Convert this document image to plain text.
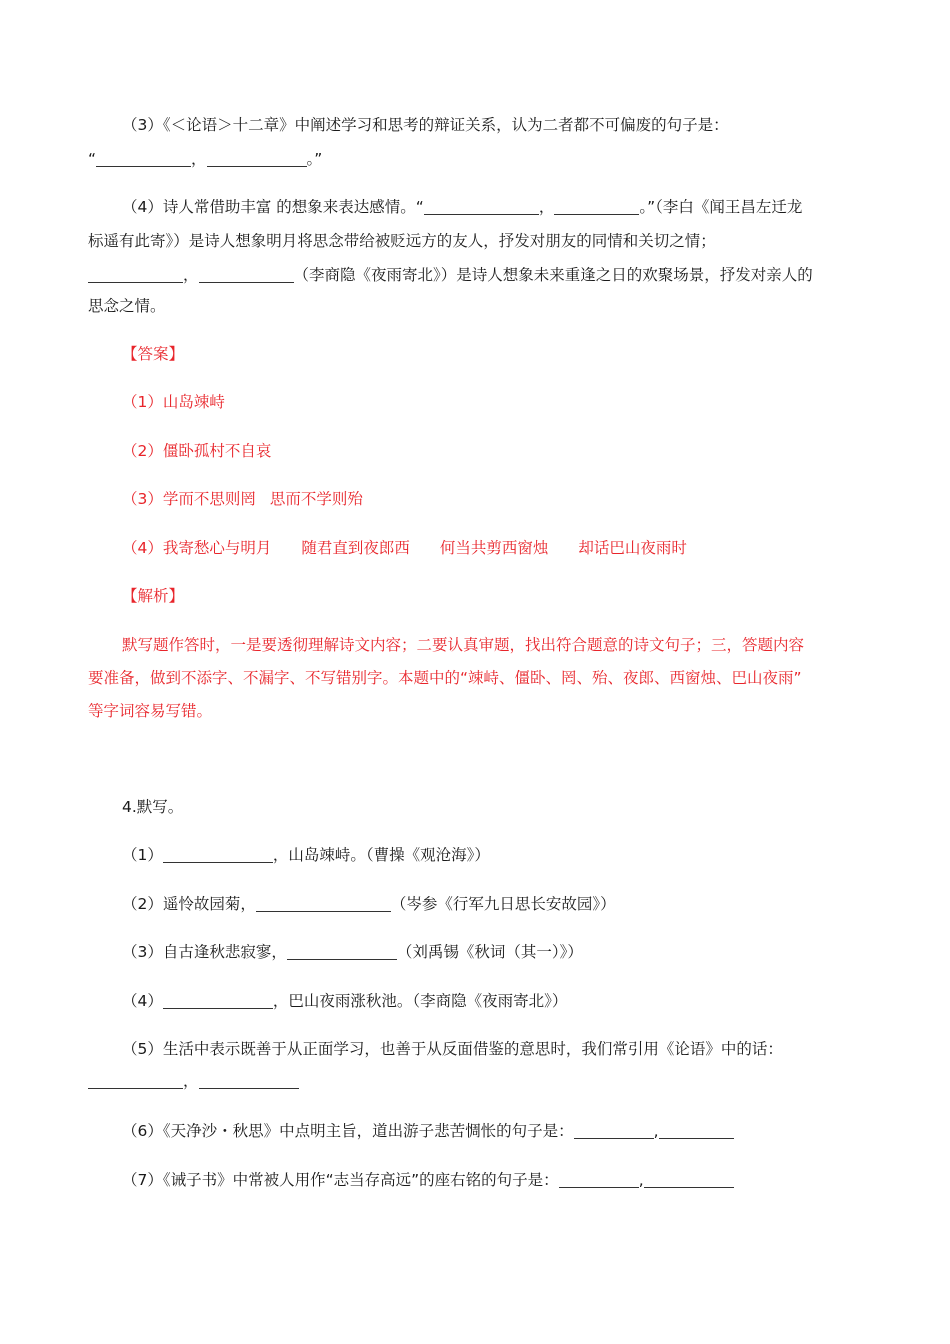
（3）《＜论语＞十二章》中阐述学习和思考的辩证关系，认为二者都不可偏废的句子是：
“	，	。”
（4）诗人常借助丰富 的想象来表达感情。“	，	。”（李白《闻王昌左迁龙
标遥有此寄》）是诗人想象明月将思念带给被贬远方的友人，抒发对朋友的同情和关切之情；
，	（李商隐《夜雨寄北》）是诗人想象未来重逢之日的欢聚场景，抒发对亲人的
思念之情。
【答案】
（1）山岛竦峙
（2）僵卧孤村不自哀
（3）学而不思则罔 思而不学则殆
（4）我寄愁心与明月 随君直到夜郎西 何当共剪西窗烛 却话巴山夜雨时
【解析】
默写题作答时，一是要透彻理解诗文内容；二要认真审题，找出符合题意的诗文句子；三，答题内容
要准备，做到不添字、不漏字、不写错别字。本题中的“竦峙、僵卧、罔、殆、夜郎、西窗烛、巴山夜雨”
等字词容易写错。
4.默写。
（1）	，山岛竦峙。（曹操《观沧海》）
（2）遥怜故园菊，	（岑参《行军九日思长安故园》）
（3）自古逢秋悲寂寥，	（刘禹锡《秋词（其一）》）
（4）	，巴山夜雨涨秋池。（李商隐《夜雨寄北》）
（5）生活中表示既善于从正面学习，也善于从反面借鉴的意思时，我们常引用《论语》中的话：
，
（6）《天净沙・秋思》中点明主旨，道出游子悲苦惆怅的句子是：	,
（7）《诫子书》中常被人用作“志当存高远”的座右铭的句子是：	,
